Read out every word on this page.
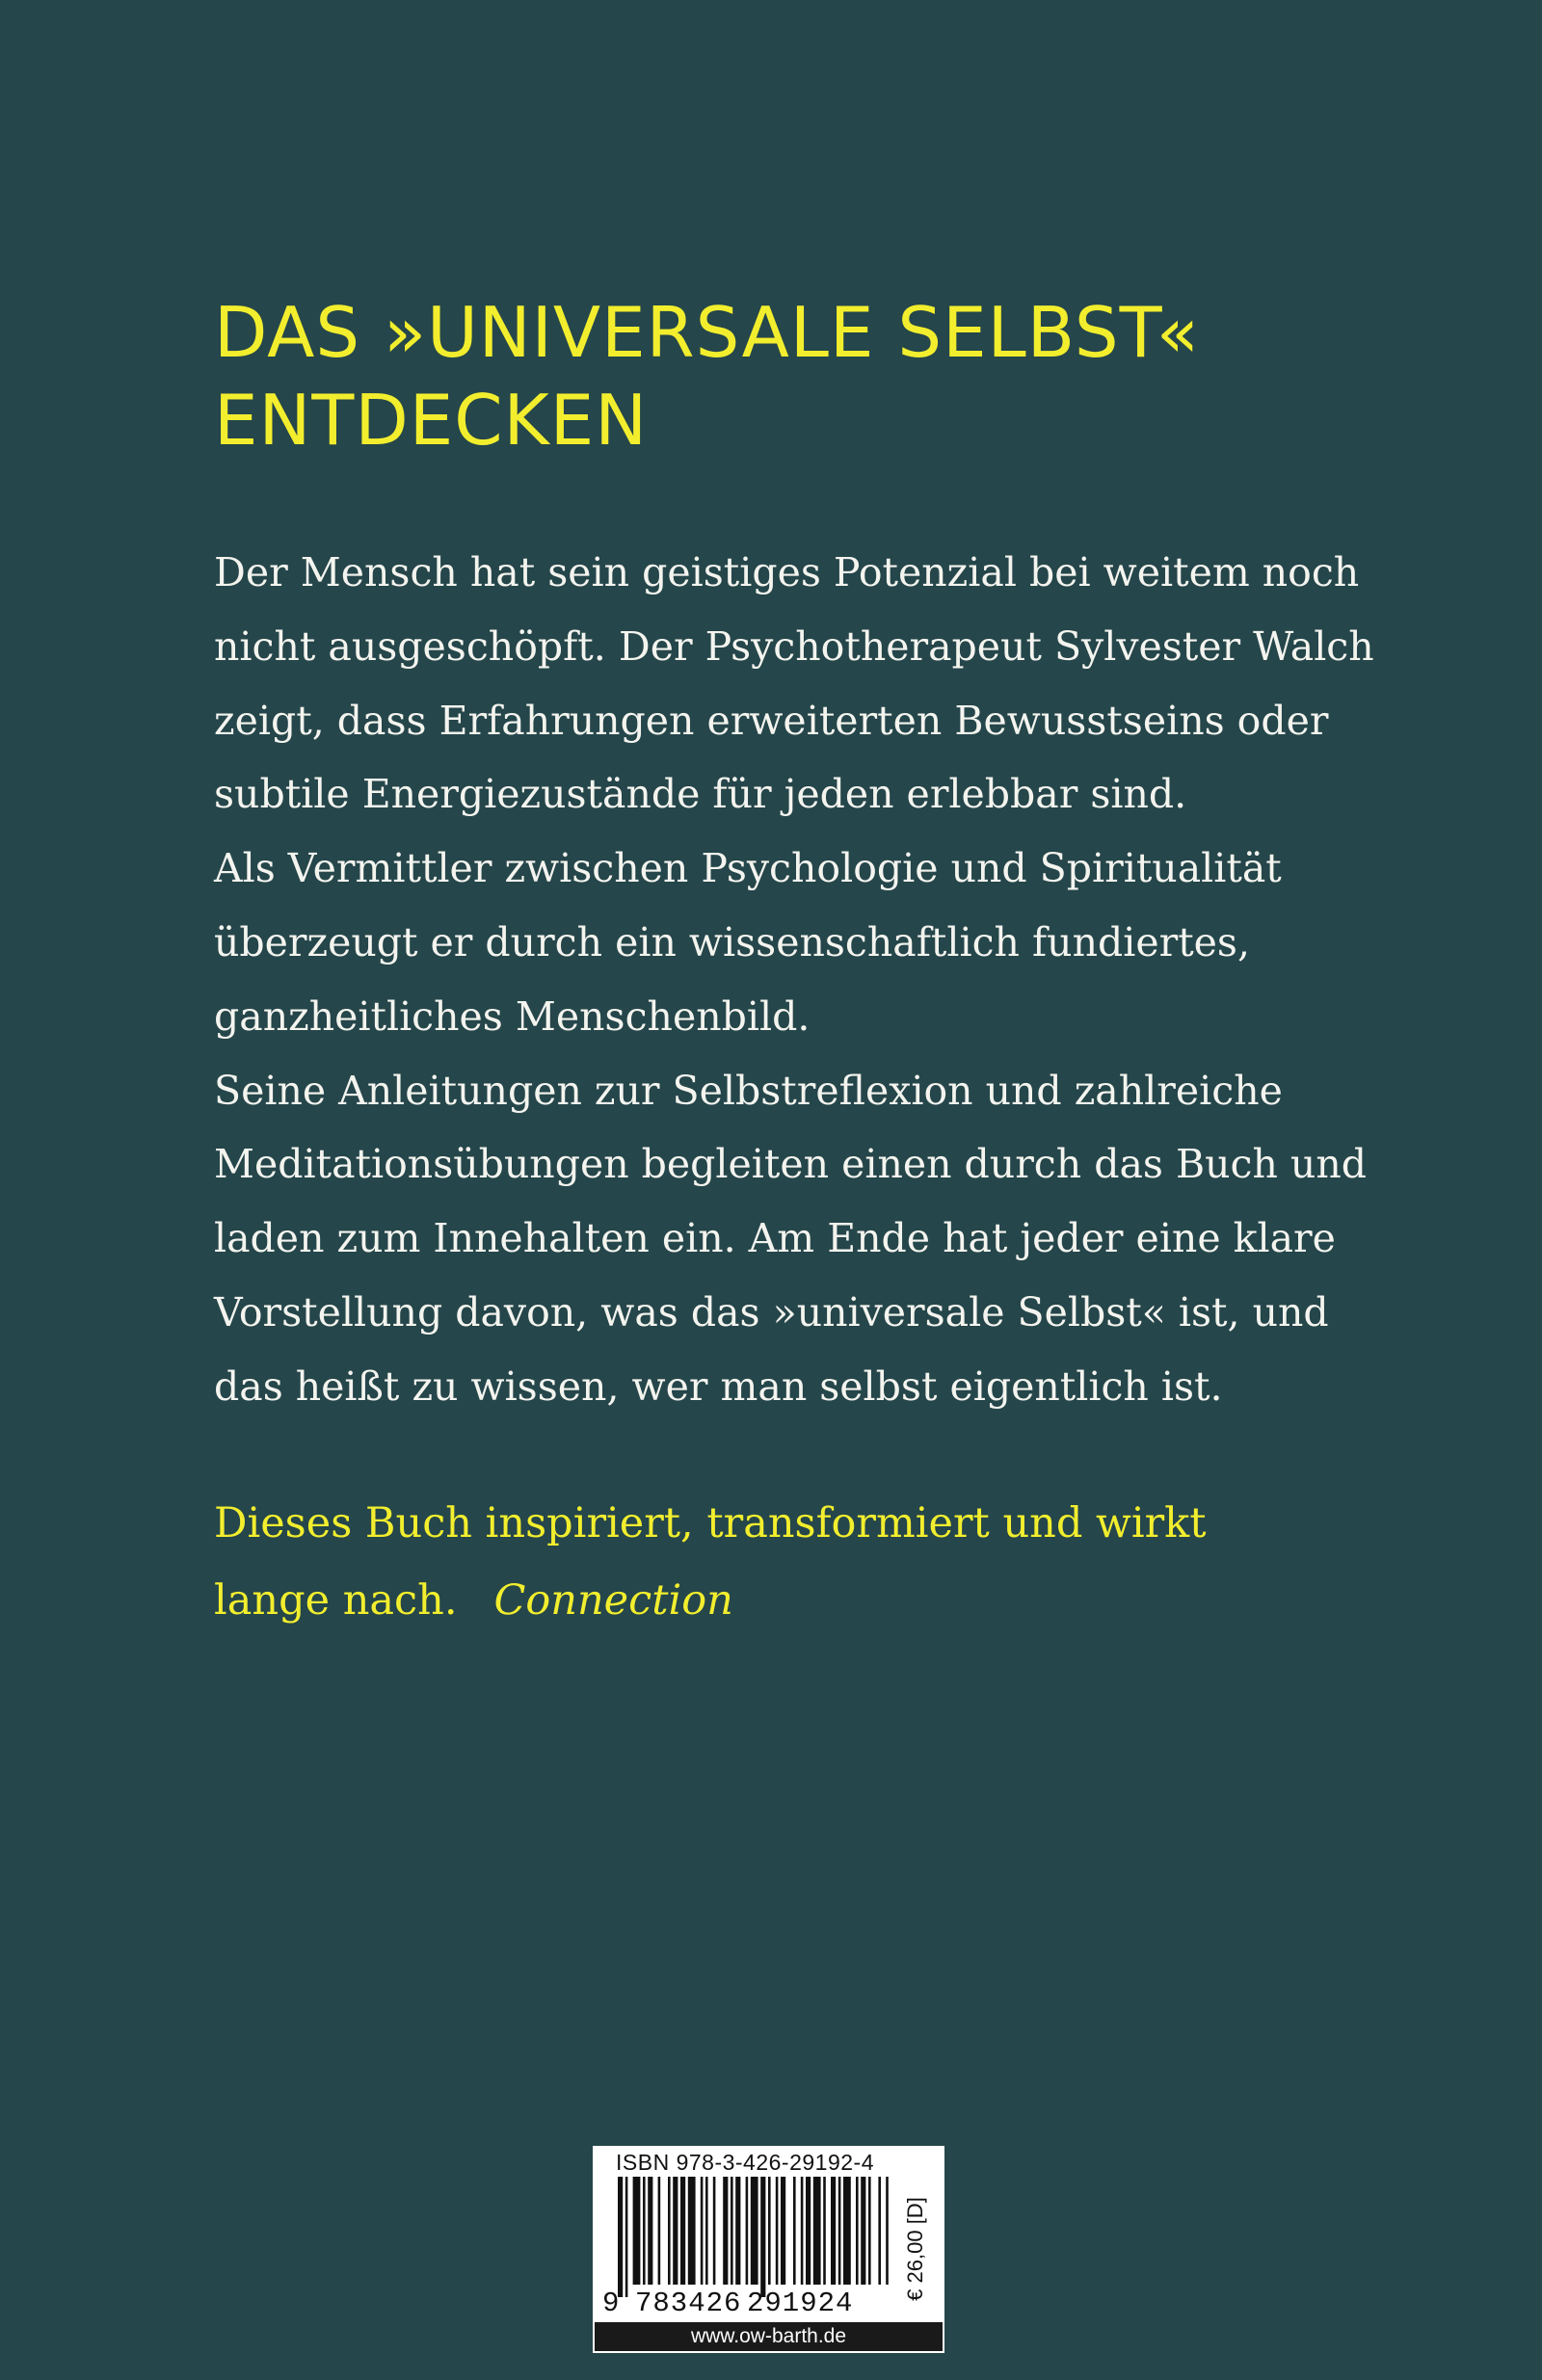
DAS »UNIVERSALE SELBST«
ENTDECKEN
Der Mensch hat sein geistiges Potenzial bei weitem noch
nicht ausgeschöpft. Der Psychotherapeut Sylvester Walch
zeigt, dass Erfahrungen erweiterten Bewusstseins oder
subtile Energiezustände für jeden erlebbar sind.
Als Vermittler zwischen Psychologie und Spiritualität
überzeugt er durch ein wissenschaftlich fundiertes,
ganzheitliches Menschenbild.
Seine Anleitungen zur Selbstreflexion und zahlreiche
Meditationsübungen begleiten einen durch das Buch und
laden zum Innehalten ein. Am Ende hat jeder eine klare
Vorstellung davon, was das »universale Selbst« ist, und
das heißt zu wissen, wer man selbst eigentlich ist.
Dieses Buch inspiriert, transformiert und wirkt
lange nach. Connection
ISBN 978-3-426-29192-4
9 783426 291924
€ 26,00 [D]
www.ow-barth.de
